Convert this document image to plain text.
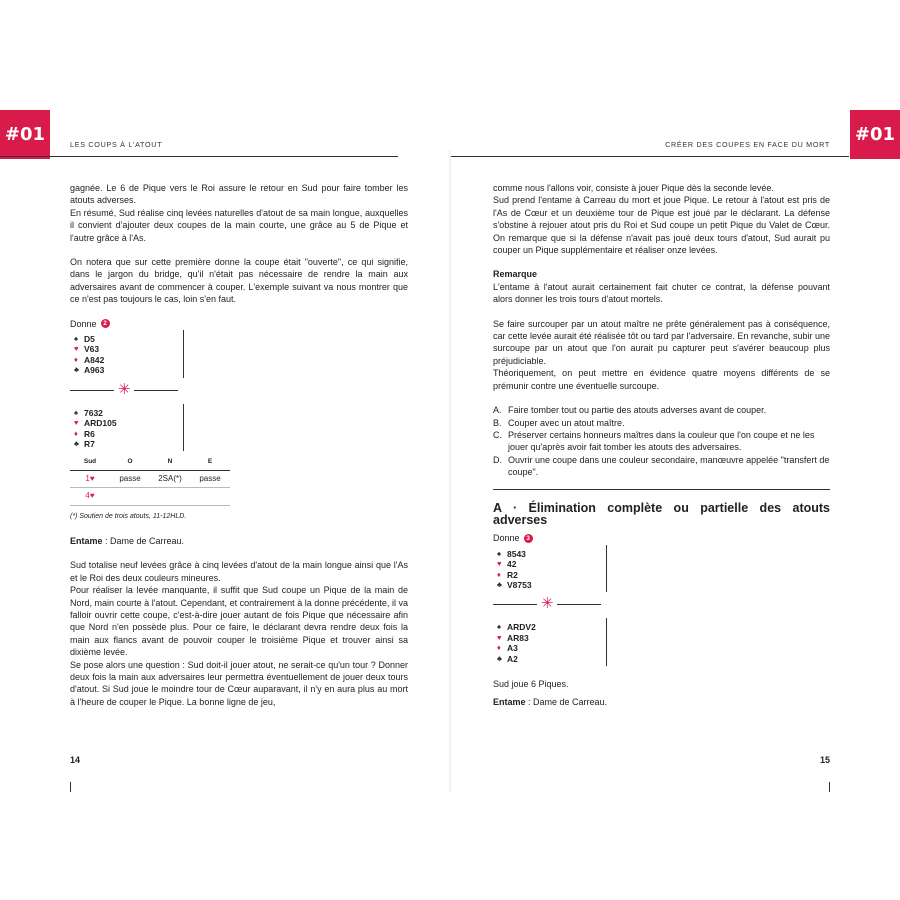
#01	LES COUPS À L'ATOUT

gagnée. Le 6 de Pique vers le Roi assure le retour en Sud pour faire tomber les atouts adverses.

En résumé, Sud réalise cinq levées naturelles d'atout de sa main longue, auxquelles il convient d'ajouter deux coupes de la main courte, une grâce au 5 de Pique et l'autre grâce à l'As.

On notera que sur cette première donne la coupe était "ouverte", ce qui signifie, dans le jargon du bridge, qu'il n'était pas nécessaire de rendre la main aux adversaires avant de commencer à couper. L'exemple suivant va nous montrer que ce n'est pas toujours le cas, loin s'en faut.

Donne	2
♠ D5
♥ V63
♦ A842
♣ A963
✳
♠ 7632
♥ ARD105
♦ R6
♣ R7
Sud	O	N	E
1♥	passe	2SA(*)	passe
4♥			
(*) Soutien de trois atouts, 11-12HLD.

Entame : Dame de Carreau.

Sud totalise neuf levées grâce à cinq levées d'atout de la main longue ainsi que l'As et le Roi des deux couleurs mineures.

Pour réaliser la levée manquante, il suffit que Sud coupe un Pique de la main de Nord, main courte à l'atout. Cependant, et contrairement à la donne précédente, il va falloir ouvrir cette coupe, c'est-à-dire jouer autant de fois Pique que nécessaire afin que Nord n'en possède plus. Pour ce faire, le déclarant devra rendre deux fois la main aux flancs avant de pouvoir couper le troisième Pique et trouver ainsi sa dixième levée.

Se pose alors une question : Sud doit-il jouer atout, ne serait-ce qu'un tour ? Donner deux fois la main aux adversaires leur permettra éventuellement de jouer deux tours d'atout. Si Sud joue le moindre tour de Cœur auparavant, il n'y en aura plus au mort à l'heure de couper le Pique. La bonne ligne de jeu,

14
#01
CRÉER DES COUPES EN FACE DU MORT

comme nous l'allons voir, consiste à jouer Pique dès la seconde levée.

Sud prend l'entame à Carreau du mort et joue Pique. Le retour à l'atout est pris de l'As de Cœur et un deuxième tour de Pique est joué par le déclarant. La défense s'obstine à rejouer atout pris du Roi et Sud coupe un petit Pique du Valet de Cœur. On remarque que si la défense n'avait pas joué deux tours d'atout, Sud aurait pu couper un Pique supplémentaire et réaliser onze levées.

Remarque

L'entame à l'atout aurait certainement fait chuter ce contrat, la défense pouvant alors donner les trois tours d'atout mortels.

Se faire surcouper par un atout maître ne prête généralement pas à conséquence, car cette levée aurait été réalisée tôt ou tard par l'adversaire. En revanche, subir une surcoupe par un atout que l'on aurait pu capturer peut s'avérer beaucoup plus préjudiciable.

Théoriquement, on peut mettre en évidence quatre moyens différents de se prémunir contre une éventuelle surcoupe.

A. Faire tomber tout ou partie des atouts adverses avant de couper.

B. Couper avec un atout maître.

C. Préserver certains honneurs maîtres dans la couleur que l'on coupe et ne les jouer qu'après avoir fait tomber les atouts des adversaires.

D. Ouvrir une coupe dans une couleur secondaire, manœuvre appelée "transfert de coupe".

A · Élimination complète ou partielle des atouts adverses

Donne	3
♠ 8543
♥ 42
♦ R2
♣ V8753
✳
♠ ARDV2
♥ AR83
♦ A3
♣ A2

Sud joue 6 Piques.

Entame : Dame de Carreau.

15
